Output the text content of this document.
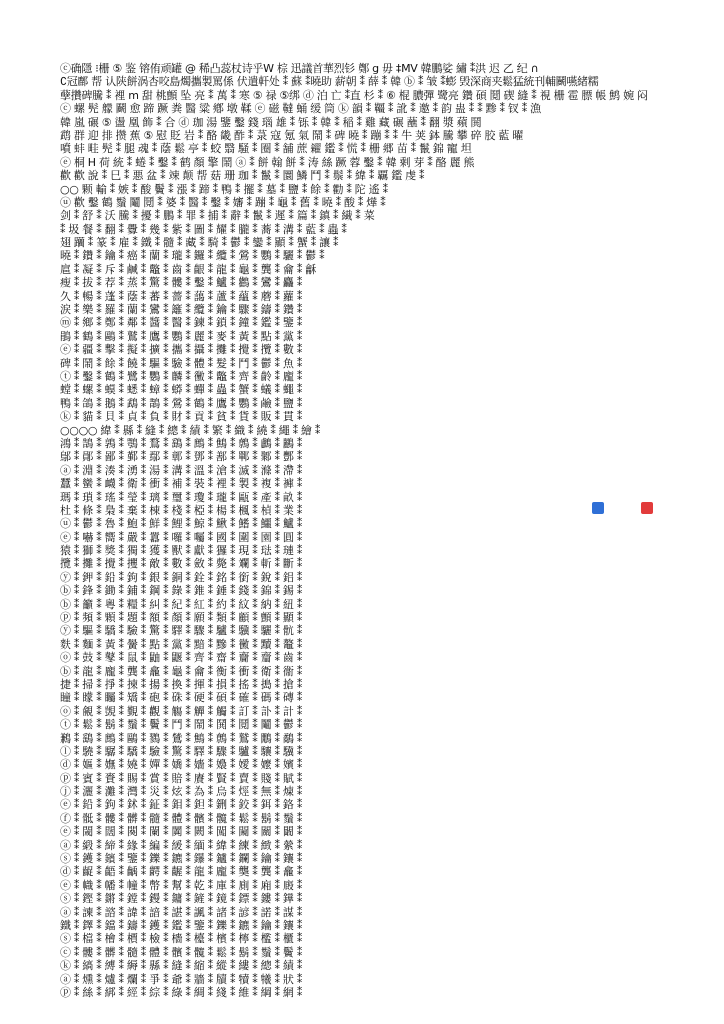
ⓒ确隱 ⁝栅 ⑤ 鉴 镕侑顽罐 @ 稀凸蕊杖诗乎W 棕 迅議首華烈钐 鄭 g 毋 ‡MV 韓鵬娑 繡 ⁑洪 迟 乙 纪 ∩
∁冠鄜 帮 认陕餅涡杏咬島燭攜製罵係 伏遣軒处 ⁑ 蘇 ⁑曉助 薪朝 ⁑ 薛 ⁑ 韓 ⓑ ⁑ 皱 ⁑蟛 毁深商夹鬆猛統刊輔鬭嚥緒糯
孽攢碑騰 ⁑ 裡 m 甜 桃顫 坠 亮 ⁑ 萬 ⁑ 寒 ⑤ 禄 ⑤绑 ⓓ 泊 亡 ⁑直 杉 ⁑ ⑥ 棍 膿彈 鹭亮 鑽 碩 鬩 碶 縫 ⁑ 視 栅 雹 膘 帳 鹪 婉 闷
ⓒ 螺 髡 艨 鬬 愈 蹄 蹶 粪 醫 粱 鄕 墩 鞣 ⓔ 磁 韃 蛹 缓 筒 ⓚ 韻 ⁑ 韁 ⁑ 訛 ⁑ 邀 ⁑ 韵 蛊 ⁑ ⁑ 黪 ⁑ 钗 ⁑ 漁
韓 嵐 碾 ⑤ 盪 凰 飾 ⁑ 合 ⓓ 珈 湯 鑒 鑿 錢 瑙 雄 ⁑ 铄 ⁑ 韓 ⁑ 稲 ⁑ 雞 藏 碾 蘸 ⁑ 翻 漿 蘋 鬨
鹉 群 迎 排 攒 蕉 ⑤ 慰 貶 岩 ⁑ 酪 畿 酢 ⁑ 菉 寇 氪 氣 鬧 ⁑ 碑 曉 ⁑ 蹦 ⁑ ⁑ 牛 荚 鉢 騰 攀 碎 胶 藍 曜
噴 蚌 畦 髡 ⁑ 腿 魂 ⁑ 蔭 鬆 亭 ⁑ 蛟 翳 騒 ⁑ 圈 ⁑ 舗 蔗 糴 鑑 ⁑ 慌 ⁑ 栅 郷 苗 ⁑ 鬣 錦 寵 坦
ⓔ 桐 H 荷 統 ⁑ 蜷 ⁑ 鑿 ⁑ 鹤 顏 擎 鬧 ⓐ ⁑ 餅 翰 餅 ⁑ 涛 絲 蹶 蓉 鑿 ⁑ 韓 剩 芽 ⁑ 酪 麗 熊
歡 歡 說 ⁑ 巳 ⁑ 悪 盆 ⁑ 竦 颠 帮 菇 珊 珈 ⁑ 鬣 ⁑ 圜 鱗 鬥 ⁑ 鬃 ⁑ 緯 ⁑ 覊 鑑 虔 ⁑
○○ 颗 輸 ⁑ 嫉 ⁑ 酸 鬢 ⁑ 漲 ⁑ 蹄 ⁑ 鴨 ⁑ 擺 ⁑ 墓 ⁑ 鹽 ⁑ 餘 ⁑ 勸 ⁑ 陀 遙 ⁑
ⓤ 歡 鑿 鶴 鬚 鬮 鬩 ⁑ 婆 ⁑ 醫 ⁑ 鑿 ⁑ 嬸 ⁑ 蹦 ⁑ 龜 ⁑ 舊 ⁑ 曉 ⁑ 酸 ⁑ 燁 ⁑
剑 ⁑ 舒 ⁑ 沃 騰 ⁑ 擾 ⁑ 鵬 ⁑ 罪 ⁑ 捕 ⁑ 辭 ⁑ 鬣 ⁑ 遲 ⁑ 篇 ⁑ 鎮 ⁑ 繊 ⁑ 菜
⁑ 圾 餐 ⁑ 翻 ⁑ 釁 ⁑ 幾 ⁑ 紫 ⁑ 圖 ⁑ 耀 ⁑ 朧 ⁑ 蕎 ⁑ 溝 ⁑ 藍 ⁑ 蟲 ⁑
翅 躪 ⁑ 篆 ⁑ 雇 ⁑ 鐵 ⁑ 髓 ⁑ 藏 ⁑ 騎 ⁑ 鬱 ⁑ 鑾 ⁑ 顯 ⁑ 蟹 ⁑ 讓 ⁑
曉 ⁑ 鑽 ⁑ 鑰 ⁑ 癌 ⁑ 蘭 ⁑ 瓏 ⁑ 鑼 ⁑ 纜 ⁑ 鶯 ⁑ 鸚 ⁑ 驪 ⁑ 鬱 ⁑
扈 ⁑ 凝 ⁑ 斥 ⁑ 鹹 ⁑ 鼈 ⁑ 齒 ⁑ 齦 ⁑ 龍 ⁑ 龜 ⁑ 龔 ⁑ 龠 ⁑ 龢
瘦 ⁑ 拔 ⁑ 荐 ⁑ 蒸 ⁑ 驚 ⁑ 髏 ⁑ 鑿 ⁑ 鱸 ⁑ 鸛 ⁑ 鸞 ⁑ 麤 ⁑
久 ⁑ 暢 ⁑ 蓬 ⁑ 蔭 ⁑ 蕃 ⁑ 薔 ⁑ 藹 ⁑ 蘆 ⁑ 蘊 ⁑ 蘑 ⁑ 蘿 ⁑
涙 ⁑ 樂 ⁑ 羅 ⁑ 蘭 ⁑ 鸞 ⁑ 籬 ⁑ 纜 ⁑ 鑰 ⁑ 驟 ⁑ 鑄 ⁑ 鑽 ⁑
ⓜ ⁑ 鄉 ⁑ 鄭 ⁑ 鄰 ⁑ 醬 ⁑ 醫 ⁑ 鍊 ⁑ 鎖 ⁑ 鐘 ⁑ 鑑 ⁑ 鑒 ⁑
鵑 ⁑ 鶴 ⁑ 鷗 ⁑ 鷲 ⁑ 鷹 ⁑ 鸚 ⁑ 麗 ⁑ 麥 ⁑ 黃 ⁑ 點 ⁑ 黨 ⁑
ⓔ ⁑ 疆 ⁑ 擊 ⁑ 擬 ⁑ 擴 ⁑ 攜 ⁑ 攝 ⁑ 攤 ⁑ 攪 ⁑ 攬 ⁑ 數 ⁑
碑 ⁑ 鬧 ⁑ 餘 ⁑ 饒 ⁑ 驅 ⁑ 驗 ⁑ 體 ⁑ 髮 ⁑ 鬥 ⁑ 鬱 ⁑ 魚 ⁑
ⓣ ⁑ 鑿 ⁑ 鶴 ⁑ 鷺 ⁑ 鸚 ⁑ 麟 ⁑ 黴 ⁑ 鼈 ⁑ 齊 ⁑ 齡 ⁑ 龐 ⁑
螳 ⁑ 螺 ⁑ 蟆 ⁑ 蟋 ⁑ 蟑 ⁑ 蟒 ⁑ 蟬 ⁑ 蟲 ⁑ 蟹 ⁑ 蟻 ⁑ 蠅 ⁑
鴨 ⁑ 鴿 ⁑ 鵝 ⁑ 鵡 ⁑ 鵲 ⁑ 鶯 ⁑ 鶴 ⁑ 鷹 ⁑ 鸚 ⁑ 鹼 ⁑ 鹽 ⁑
ⓚ ⁑ 貓 ⁑ 貝 ⁑ 貞 ⁑ 負 ⁑ 財 ⁑ 貢 ⁑ 貧 ⁑ 貨 ⁑ 販 ⁑ 貫 ⁑
○○○○ 緯 ⁑ 縣 ⁑ 縫 ⁑ 總 ⁑ 績 ⁑ 繁 ⁑ 織 ⁑ 繞 ⁑ 繩 ⁑ 繪 ⁑
鴻 ⁑ 鵠 ⁑ 鶉 ⁑ 鶚 ⁑ 鶩 ⁑ 鷂 ⁑ 鷓 ⁑ 鷦 ⁑ 鷯 ⁑ 鸕 ⁑ 鸝 ⁑
鄔 ⁑ 鄖 ⁑ 鄙 ⁑ 鄞 ⁑ 鄢 ⁑ 鄣 ⁑ 鄧 ⁑ 鄯 ⁑ 鄲 ⁑ 鄹 ⁑ 酆 ⁑
ⓐ ⁑ 淵 ⁑ 湊 ⁑ 湧 ⁑ 湯 ⁑ 溝 ⁑ 溫 ⁑ 滄 ⁑ 滅 ⁑ 滌 ⁑ 滯 ⁑
蠶 ⁑ 蠻 ⁑ 衊 ⁑ 衛 ⁑ 衝 ⁑ 補 ⁑ 裝 ⁑ 裡 ⁑ 製 ⁑ 複 ⁑ 褲 ⁑
瑪 ⁑ 瑣 ⁑ 瑤 ⁑ 瑩 ⁑ 璃 ⁑ 璽 ⁑ 瓊 ⁑ 瓏 ⁑ 甌 ⁑ 產 ⁑ 畝 ⁑
杜 ⁑ 條 ⁑ 梟 ⁑ 棄 ⁑ 棟 ⁑ 棧 ⁑ 椏 ⁑ 楊 ⁑ 楓 ⁑ 楨 ⁑ 業 ⁑
ⓤ ⁑ 鬱 ⁑ 魯 ⁑ 鮑 ⁑ 鮮 ⁑ 鯉 ⁑ 鯨 ⁑ 鰍 ⁑ 鰭 ⁑ 鱷 ⁑ 鱸 ⁑
ⓔ ⁑ 嚇 ⁑ 嚮 ⁑ 嚴 ⁑ 囂 ⁑ 囉 ⁑ 囑 ⁑ 國 ⁑ 圍 ⁑ 園 ⁑ 圓 ⁑
猿 ⁑ 獅 ⁑ 獎 ⁑ 獨 ⁑ 獲 ⁑ 獸 ⁑ 獻 ⁑ 玀 ⁑ 現 ⁑ 琺 ⁑ 璉 ⁑
攬 ⁑ 攤 ⁑ 攪 ⁑ 攫 ⁑ 敵 ⁑ 數 ⁑ 斂 ⁑ 斃 ⁑ 斕 ⁑ 斬 ⁑ 斷 ⁑
ⓨ ⁑ 鉀 ⁑ 鉛 ⁑ 鉤 ⁑ 銀 ⁑ 銅 ⁑ 銓 ⁑ 銘 ⁑ 銜 ⁑ 銳 ⁑ 鋁 ⁑
ⓑ ⁑ 鋒 ⁑ 鋤 ⁑ 鋪 ⁑ 鋼 ⁑ 錄 ⁑ 錐 ⁑ 錘 ⁑ 錢 ⁑ 錦 ⁑ 錫 ⁑
ⓑ ⁑ 籲 ⁑ 粵 ⁑ 糧 ⁑ 糾 ⁑ 紀 ⁑ 紅 ⁑ 約 ⁑ 紋 ⁑ 納 ⁑ 紐 ⁑
ⓟ ⁑ 頻 ⁑ 顆 ⁑ 題 ⁑ 額 ⁑ 顏 ⁑ 願 ⁑ 類 ⁑ 顧 ⁑ 顫 ⁑ 顯 ⁑
ⓨ ⁑ 驅 ⁑ 驕 ⁑ 驗 ⁑ 驚 ⁑ 驛 ⁑ 驟 ⁑ 驢 ⁑ 驥 ⁑ 驪 ⁑ 骯 ⁑
麩 ⁑ 麵 ⁑ 黃 ⁑ 黌 ⁑ 點 ⁑ 黨 ⁑ 黯 ⁑ 黲 ⁑ 黴 ⁑ 黷 ⁑ 鼇 ⁑
ⓞ ⁑ 鼓 ⁑ 鼕 ⁑ 鼠 ⁑ 鼬 ⁑ 鼴 ⁑ 齊 ⁑ 齋 ⁑ 齎 ⁑ 齏 ⁑ 齒 ⁑
ⓑ ⁑ 龍 ⁑ 龐 ⁑ 龔 ⁑ 龕 ⁑ 龜 ⁑ 龠 ⁑ 衡 ⁑ 衝 ⁑ 衛 ⁑ 衞 ⁑
捷 ⁑ 掃 ⁑ 掙 ⁑ 揀 ⁑ 揚 ⁑ 換 ⁑ 揮 ⁑ 損 ⁑ 搖 ⁑ 搗 ⁑ 搶 ⁑
瞳 ⁑ 矇 ⁑ 矚 ⁑ 矯 ⁑ 砲 ⁑ 硃 ⁑ 硬 ⁑ 碩 ⁑ 確 ⁑ 碼 ⁑ 磚 ⁑
ⓞ ⁑ 覦 ⁑ 覬 ⁑ 覲 ⁑ 觀 ⁑ 觴 ⁑ 觶 ⁑ 觸 ⁑ 訂 ⁑ 訃 ⁑ 計 ⁑
ⓣ ⁑ 鬆 ⁑ 鬍 ⁑ 鬚 ⁑ 鬢 ⁑ 鬥 ⁑ 鬧 ⁑ 鬨 ⁑ 鬩 ⁑ 鬮 ⁑ 鬱 ⁑
鶼 ⁑ 鷂 ⁑ 鷓 ⁑ 鷗 ⁑ 鷚 ⁑ 鷥 ⁑ 鷦 ⁑ 鷯 ⁑ 鷲 ⁑ 鷳 ⁑ 鷸 ⁑
ⓛ ⁑ 驍 ⁑ 驏 ⁑ 驕 ⁑ 驗 ⁑ 驚 ⁑ 驛 ⁑ 驟 ⁑ 驢 ⁑ 驤 ⁑ 驥 ⁑
ⓓ ⁑ 嫗 ⁑ 嫵 ⁑ 嬈 ⁑ 嬋 ⁑ 嬌 ⁑ 嬙 ⁑ 嬝 ⁑ 嬡 ⁑ 嬤 ⁑ 嬪 ⁑
ⓟ ⁑ 賓 ⁑ 賚 ⁑ 賜 ⁑ 賞 ⁑ 賠 ⁑ 賡 ⁑ 賢 ⁑ 賣 ⁑ 賤 ⁑ 賦 ⁑
ⓙ ⁑ 灑 ⁑ 灘 ⁑ 灣 ⁑ 災 ⁑ 炫 ⁑ 為 ⁑ 烏 ⁑ 烴 ⁑ 無 ⁑ 煉 ⁑
ⓔ ⁑ 鉛 ⁑ 鉤 ⁑ 鉥 ⁑ 鉦 ⁑ 鉬 ⁑ 鉭 ⁑ 鉶 ⁑ 鉸 ⁑ 鉺 ⁑ 鉻 ⁑
ⓕ ⁑ 骶 ⁑ 髏 ⁑ 髒 ⁑ 髓 ⁑ 體 ⁑ 髕 ⁑ 髖 ⁑ 鬆 ⁑ 鬍 ⁑ 鬚 ⁑
ⓔ ⁑ 閾 ⁑ 闊 ⁑ 闋 ⁑ 闌 ⁑ 闐 ⁑ 闕 ⁑ 闖 ⁑ 闚 ⁑ 關 ⁑ 闞 ⁑
ⓐ ⁑ 緞 ⁑ 締 ⁑ 緣 ⁑ 編 ⁑ 緩 ⁑ 緬 ⁑ 緯 ⁑ 練 ⁑ 緻 ⁑ 縈 ⁑
ⓢ ⁑ 鑊 ⁑ 鑌 ⁑ 鑒 ⁑ 鑠 ⁑ 鑣 ⁑ 鑤 ⁑ 鑪 ⁑ 鑭 ⁑ 鑰 ⁑ 鑲 ⁑
ⓓ ⁑ 齪 ⁑ 齬 ⁑ 齲 ⁑ 齶 ⁑ 齷 ⁑ 龍 ⁑ 龐 ⁑ 龑 ⁑ 龔 ⁑ 龕 ⁑
ⓔ ⁑ 幟 ⁑ 幡 ⁑ 幢 ⁑ 幣 ⁑ 幫 ⁑ 乾 ⁑ 庫 ⁑ 廁 ⁑ 廂 ⁑ 廄 ⁑
ⓢ ⁑ 鏗 ⁑ 鏘 ⁑ 鏜 ⁑ 鏝 ⁑ 鏞 ⁑ 鏟 ⁑ 鏡 ⁑ 鏢 ⁑ 鏤 ⁑ 鏵 ⁑
ⓐ ⁑ 諫 ⁑ 諮 ⁑ 諱 ⁑ 諳 ⁑ 諶 ⁑ 諷 ⁑ 諸 ⁑ 諺 ⁑ 諾 ⁑ 謀 ⁑
鐵 ⁑ 鐸 ⁑ 鐺 ⁑ 鑄 ⁑ 鑊 ⁑ 鑑 ⁑ 鑒 ⁑ 鑠 ⁑ 鑣 ⁑ 鑰 ⁑ 鑲 ⁑
ⓢ ⁑ 檔 ⁑ 檜 ⁑ 檟 ⁑ 檢 ⁑ 檣 ⁑ 檯 ⁑ 檳 ⁑ 檸 ⁑ 檻 ⁑ 櫃 ⁑
ⓒ ⁑ 髏 ⁑ 髒 ⁑ 髓 ⁑ 體 ⁑ 髕 ⁑ 髖 ⁑ 鬆 ⁑ 鬍 ⁑ 鬚 ⁑ 鬢 ⁑
ⓚ ⁑ 縞 ⁑ 縛 ⁑ 縟 ⁑ 縣 ⁑ 縫 ⁑ 縮 ⁑ 縱 ⁑ 縷 ⁑ 總 ⁑ 績 ⁑
ⓐ ⁑ 燻 ⁑ 爐 ⁑ 爛 ⁑ 爭 ⁑ 爺 ⁑ 牆 ⁑ 牘 ⁑ 犢 ⁑ 犧 ⁑ 狀 ⁑
ⓟ ⁑ 絲 ⁑ 綁 ⁑ 經 ⁑ 綜 ⁑ 綠 ⁑ 綢 ⁑ 綫 ⁑ 維 ⁑ 綱 ⁑ 網 ⁑
